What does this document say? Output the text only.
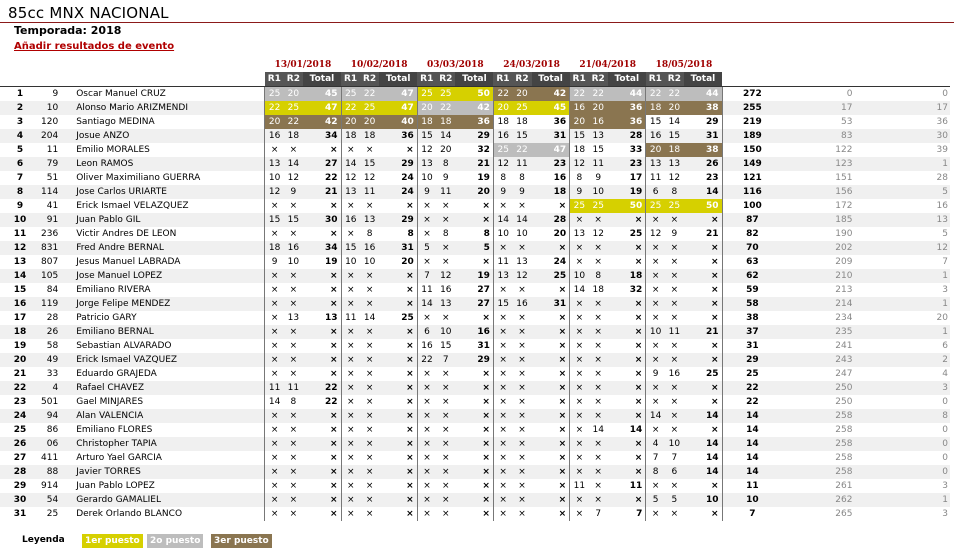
85cc MNX NACIONAL
Temporada: 2018
Añadir resultados de evento
			13/01/2018			10/02/2018			03/03/2018			24/03/2018			21/04/2018			18/05/2018					
Pos.	N°	Nombre	R1	R2	Total	R1	R2	Total	R1	R2	Total	R1	R2	Total	R1	R2	Total	R1	R2	Total	Total	Dif. resp. 1°	Dif. resp. anterior
1	9	Oscar Manuel CRUZ	25	20	45	25	22	47	25	25	50	22	20	42	22	22	44	22	22	44	272	0	0
2	10	Alonso Mario ARIZMENDI	22	25	47	22	25	47	20	22	42	20	25	45	16	20	36	18	20	38	255	17	17
3	120	Santiago MEDINA	20	22	42	20	20	40	18	18	36	18	18	36	20	16	36	15	14	29	219	53	36
4	204	Josue ANZO	16	18	34	18	18	36	15	14	29	16	15	31	15	13	28	16	15	31	189	83	30
5	11	Emilio MORALES	×	×	×	×	×	×	12	20	32	25	22	47	18	15	33	20	18	38	150	122	39
6	79	Leon RAMOS	13	14	27	14	15	29	13	8	21	12	11	23	12	11	23	13	13	26	149	123	1
7	51	Oliver Maximiliano GUERRA	10	12	22	12	12	24	10	9	19	8	8	16	8	9	17	11	12	23	121	151	28
8	114	Jose Carlos URIARTE	12	9	21	13	11	24	9	11	20	9	9	18	9	10	19	6	8	14	116	156	5
9	41	Erick Ismael VELAZQUEZ	×	×	×	×	×	×	×	×	×	×	×	×	25	25	50	25	25	50	100	172	16
10	91	Juan Pablo GIL	15	15	30	16	13	29	×	×	×	14	14	28	×	×	×	×	×	×	87	185	13
11	236	Victir Andres DE LEON	×	×	×	×	8	8	×	8	8	10	10	20	13	12	25	12	9	21	82	190	5
12	831	Fred Andre BERNAL	18	16	34	15	16	31	5	×	5	×	×	×	×	×	×	×	×	×	70	202	12
13	807	Jesus Manuel LABRADA	9	10	19	10	10	20	×	×	×	11	13	24	×	×	×	×	×	×	63	209	7
14	105	Jose Manuel LOPEZ	×	×	×	×	×	×	7	12	19	13	12	25	10	8	18	×	×	×	62	210	1
15	84	Emiliano RIVERA	×	×	×	×	×	×	11	16	27	×	×	×	14	18	32	×	×	×	59	213	3
16	119	Jorge Felipe MENDEZ	×	×	×	×	×	×	14	13	27	15	16	31	×	×	×	×	×	×	58	214	1
17	28	Patricio GARY	×	13	13	11	14	25	×	×	×	×	×	×	×	×	×	×	×	×	38	234	20
18	26	Emiliano BERNAL	×	×	×	×	×	×	6	10	16	×	×	×	×	×	×	10	11	21	37	235	1
19	58	Sebastian ALVARADO	×	×	×	×	×	×	16	15	31	×	×	×	×	×	×	×	×	×	31	241	6
20	49	Erick Ismael VAZQUEZ	×	×	×	×	×	×	22	7	29	×	×	×	×	×	×	×	×	×	29	243	2
21	33	Eduardo GRAJEDA	×	×	×	×	×	×	×	×	×	×	×	×	×	×	×	9	16	25	25	247	4
22	4	Rafael CHAVEZ	11	11	22	×	×	×	×	×	×	×	×	×	×	×	×	×	×	×	22	250	3
23	501	Gael MINJARES	14	8	22	×	×	×	×	×	×	×	×	×	×	×	×	×	×	×	22	250	0
24	94	Alan VALENCIA	×	×	×	×	×	×	×	×	×	×	×	×	×	×	×	14	×	14	14	258	8
25	86	Emiliano FLORES	×	×	×	×	×	×	×	×	×	×	×	×	×	14	14	×	×	×	14	258	0
26	06	Christopher TAPIA	×	×	×	×	×	×	×	×	×	×	×	×	×	×	×	4	10	14	14	258	0
27	411	Arturo Yael GARCIA	×	×	×	×	×	×	×	×	×	×	×	×	×	×	×	7	7	14	14	258	0
28	88	Javier TORRES	×	×	×	×	×	×	×	×	×	×	×	×	×	×	×	8	6	14	14	258	0
29	914	Juan Pablo LOPEZ	×	×	×	×	×	×	×	×	×	×	×	×	11	×	11	×	×	×	11	261	3
30	54	Gerardo GAMALIEL	×	×	×	×	×	×	×	×	×	×	×	×	×	×	×	5	5	10	10	262	1
31	25	Derek Orlando BLANCO	×	×	×	×	×	×	×	×	×	×	×	×	×	7	7	×	×	×	7	265	3
Leyenda	1er puesto	2o puesto	3er puesto
